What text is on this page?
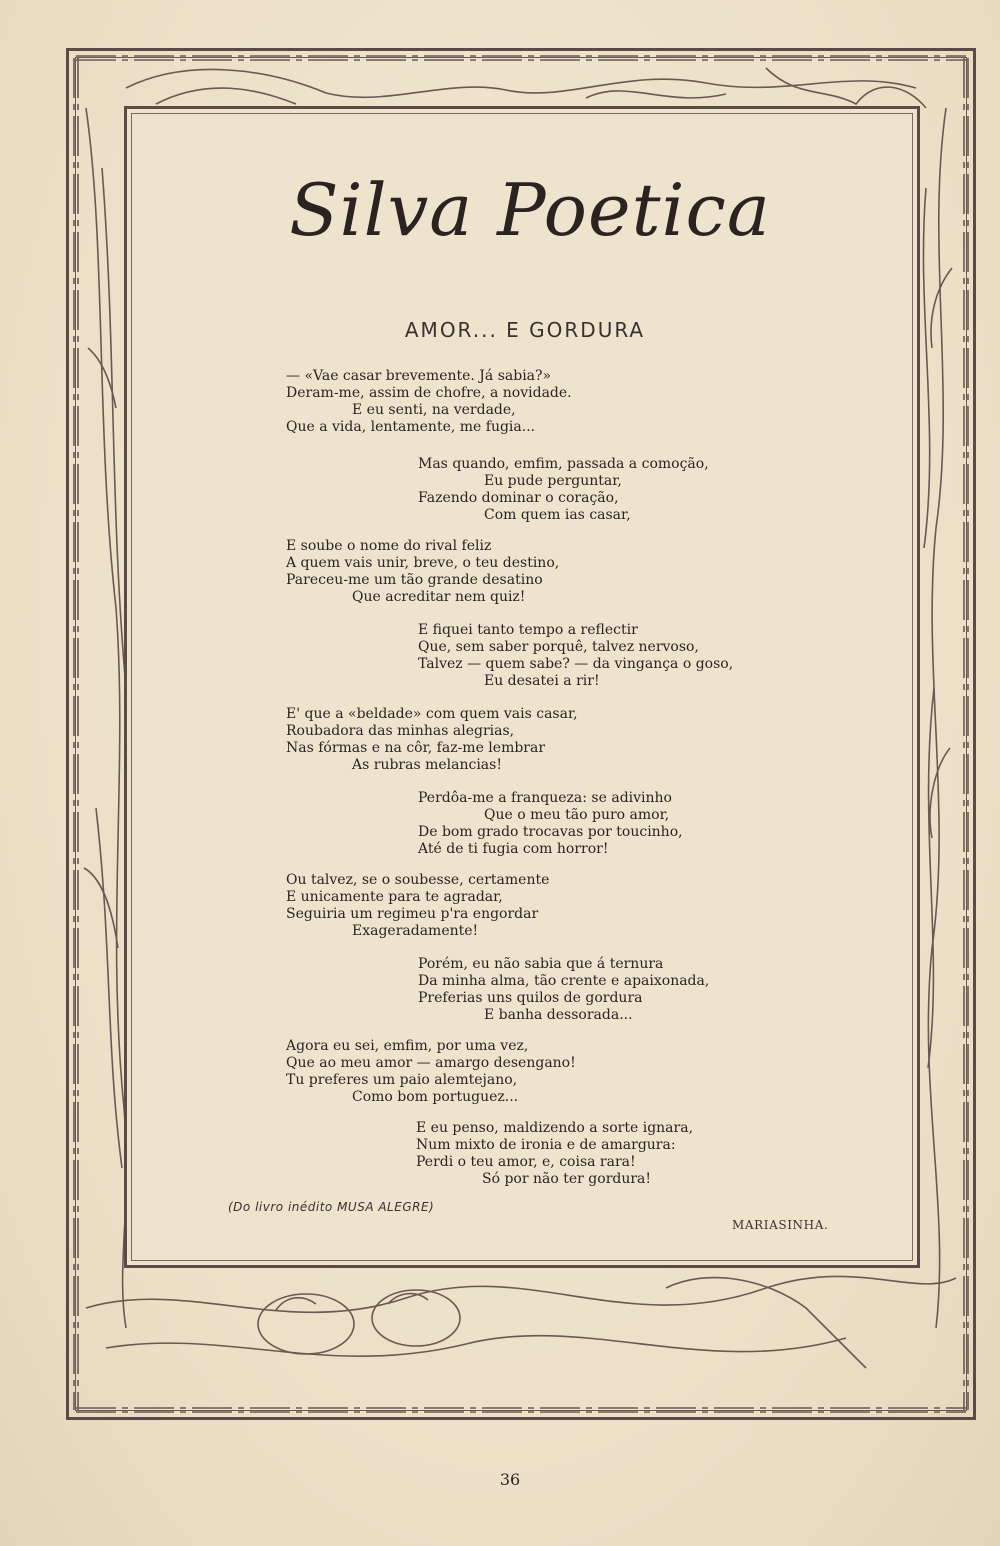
Silva Poetica
AMOR... E GORDURA
— «Vae casar brevemente. Já sabia?»
Deram-me, assim de chofre, a novidade.
E eu senti, na verdade,
Que a vida, lentamente, me fugia...
Mas quando, emfim, passada a comoção,
Eu pude perguntar,
Fazendo dominar o coração,
Com quem ias casar,
E soube o nome do rival feliz
A quem vais unir, breve, o teu destino,
Pareceu-me um tão grande desatino
Que acreditar nem quiz!
E fiquei tanto tempo a reflectir
Que, sem saber porquê, talvez nervoso,
Talvez — quem sabe? — da vingança o goso,
Eu desatei a rir!
E' que a «beldade» com quem vais casar,
Roubadora das minhas alegrias,
Nas fórmas e na côr, faz-me lembrar
As rubras melancias!
Perdôa-me a franqueza: se adivinho
Que o meu tão puro amor,
De bom grado trocavas por toucinho,
Até de ti fugia com horror!
Ou talvez, se o soubesse, certamente
E unicamente para te agradar,
Seguiria um regimeu p'ra engordar
Exageradamente!
Porém, eu não sabia que á ternura
Da minha alma, tão crente e apaixonada,
Preferias uns quilos de gordura
E banha dessorada...
Agora eu sei, emfim, por uma vez,
Que ao meu amor — amargo desengano!
Tu preferes um paio alemtejano,
Como bom portuguez...
E eu penso, maldizendo a sorte ignara,
Num mixto de ironia e de amargura:
Perdi o teu amor, e, coisa rara!
Só por não ter gordura!
(Do livro inédito MUSA ALEGRE)
MARIASINHA.
36
